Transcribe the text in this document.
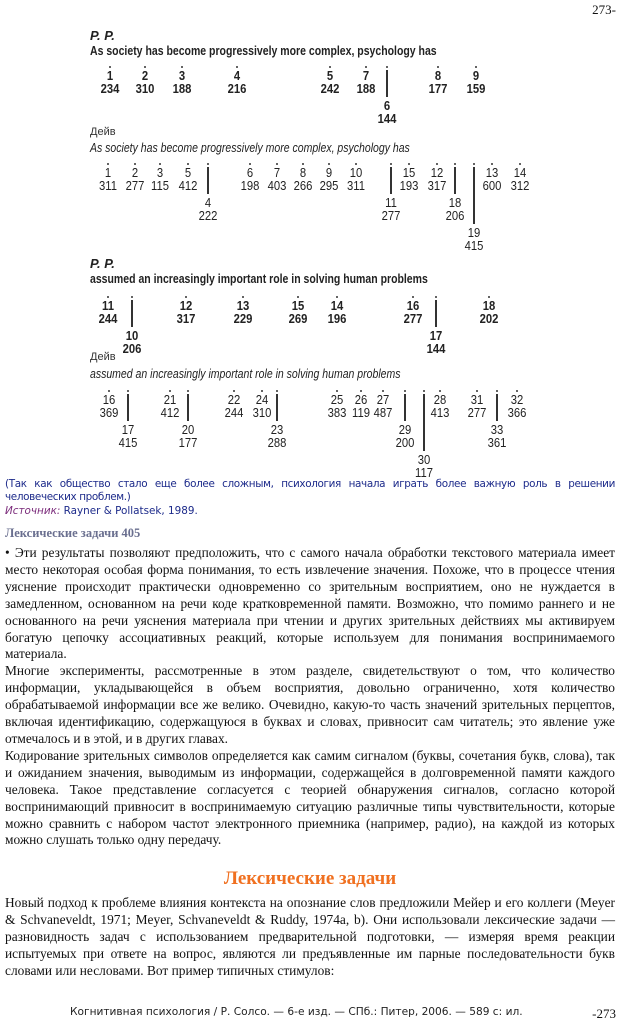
273-
P. P.
As society has become progressively more complex, psychology has
1
234
2
310
3
188
4
216
5
242
7
188
6
144
8
177
9
159
Дейв
As society has become progressively more complex, psychology has
1
311
2
277
3
115
5
412
4
222
6
198
7
403
8
266
9
295
10
311
11
277
15
193
12
317
18
206
19
415
13
600
14
312
P. P.
assumed an increasingly important role in solving human problems
11
244
10
206
12
317
13
229
15
269
14
196
16
277
17
144
18
202
Дейв
assumed an increasingly important role in solving human problems
16
369
17
415
21
412
20
177
22
244
24
310
23
288
25
383
26
119
27
487
29
200
30
117
28
413
31
277
33
361
32
366
(Так как общество стало еще более сложным, психология начала играть более важную роль в решении человеческих проблем.)
Источник: Rayner & Pollatsek, 1989.
Лексические задачи 405

• Эти результаты позволяют предположить, что с самого начала обработки текстового материала имеет место некоторая особая форма понимания, то есть извлечение значения. Похоже, что в процессе чтения уяснение происходит практически одновременно со зрительным восприятием, оно не нуждается в замедленном, основанном на речи коде кратковременной памяти. Возможно, что помимо раннего и не основанного на речи уяснения материала при чтении и других зрительных действиях мы активируем богатую цепочку ассоциативных реакций, которые используем для понимания воспринимаемого материала.

Многие эксперименты, рассмотренные в этом разделе, свидетельствуют о том, что количество информации, укладывающейся в объем восприятия, довольно ограниченно, хотя количество обрабатываемой информации все же велико. Очевидно, какую-то часть значений зрительных перцептов, включая идентификацию, содержащуюся в буквах и словах, привносит сам читатель; это явление уже отмечалось и в этой, и в других главах.

Кодирование зрительных символов определяется как самим сигналом (буквы, сочетания букв, слова), так и ожиданием значения, выводимым из информации, содержащейся в долговременной памяти каждого человека. Такое представление согласуется с теорией обнаружения сигналов, согласно которой воспринимающий привносит в воспринимаемую ситуацию различные типы чувствительности, которые можно сравнить с набором частот электронного приемника (например, радио), на каждой из которых можно слушать только одну передачу.

Лексические задачи

Новый подход к проблеме влияния контекста на опознание слов предложили Мейер и его коллеги (Meyer & Schvaneveldt, 1971; Meyer, Schvaneveldt & Ruddy, 1974a, b). Они использовали лексические задачи — разновидность задач с использованием предварительной подготовки, — измеряя время реакции испытуемых при ответе на вопрос, являются ли предъявленные им парные последовательности букв словами или несловами. Вот пример типичных стимулов:

Когнитивная психология / Р. Солсо. — 6-е изд. — СПб.: Питер, 2006. — 589 с: ил.	-273
